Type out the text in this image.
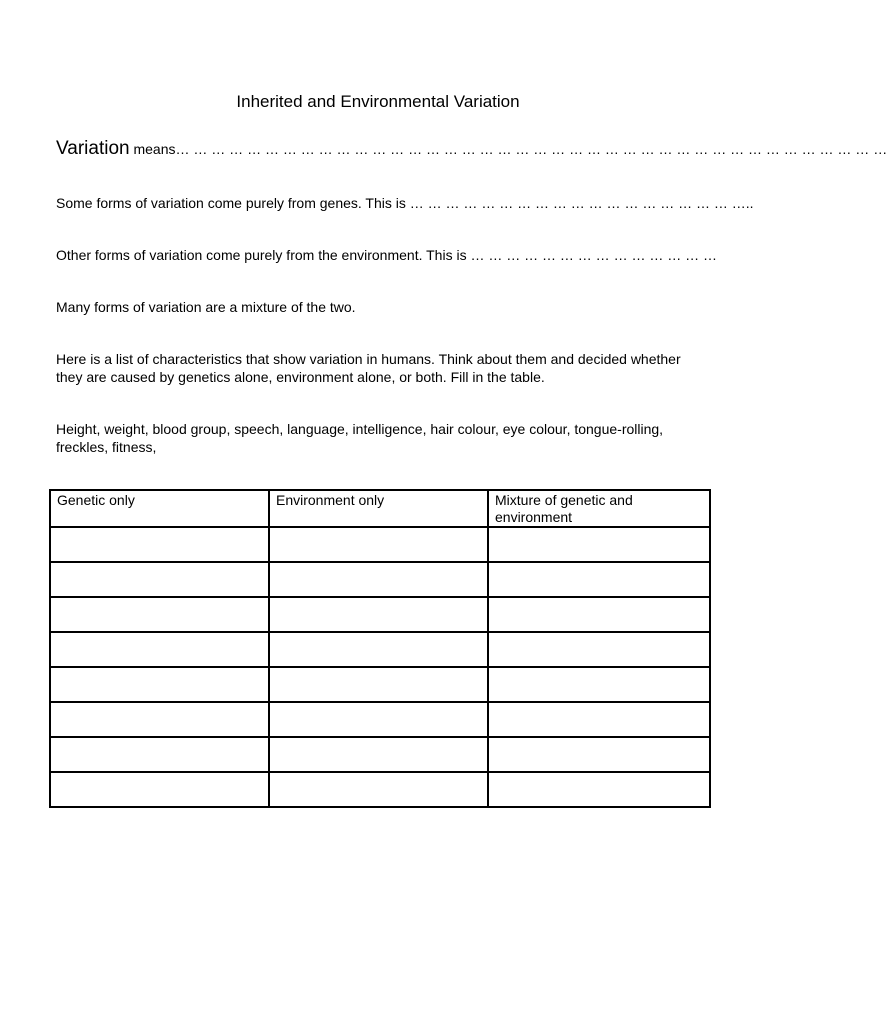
Inherited and Environmental Variation
Variation means… … … … … … … … … … … … … … … … … … … … … … … … … … … … … … … … … … … … … … … …
Some forms of variation come purely from genes. This is … … … … … … … … … … … … … … … … … … …..
Other forms of variation come purely from the environment. This is … … … … … … … … … … … … … …
Many forms of variation are a mixture of the two.
Here is a list of characteristics that show variation in humans. Think about them and decided whether they are caused by genetics alone, environment alone, or both. Fill in the table.
Height, weight, blood group, speech, language, intelligence, hair colour, eye colour, tongue-rolling, freckles, fitness,
Genetic only	Environment only	Mixture of genetic and environment
